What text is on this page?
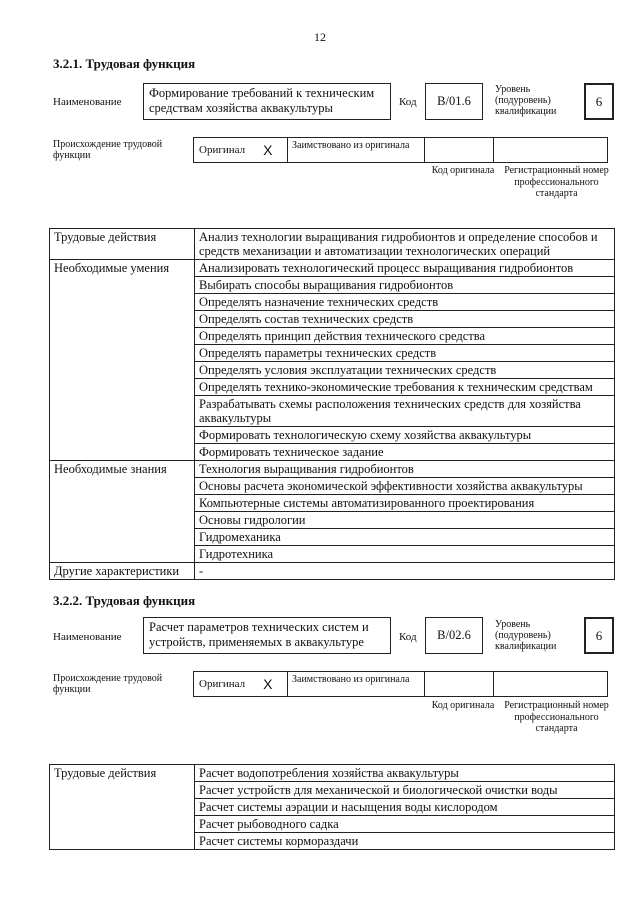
12
3.2.1. Трудовая функция
Наименование
Формирование требований к техническим средствам хозяйства аквакультуры	Код	B/01.6
Уровень (подуровень) квалификации
6
Происхождение трудовой функции	Оригинал X	Заимствовано из оригинала
Код оригинала Регистрационный номер профессионального стандарта
Трудовые действия	Анализ технологии выращивания гидробионтов и определение способов и средств механизации и автоматизации технологических операций
Необходимые умения	Анализировать технологический процесс выращивания гидробионтов
	Выбирать способы выращивания гидробионтов
	Определять назначение технических средств
	Определять состав технических средств
	Определять принцип действия технического средства
	Определять параметры технических средств
	Определять условия эксплуатации технических средств
	Определять технико-экономические требования к техническим средствам
	Разрабатывать схемы расположения технических средств для хозяйства аквакультуры
	Формировать технологическую схему хозяйства аквакультуры
	Формировать техническое задание
Необходимые знания	Технология выращивания гидробионтов
	Основы расчета экономической эффективности хозяйства аквакультуры
	Компьютерные системы автоматизированного проектирования
	Основы гидрологии
	Гидромеханика
	Гидротехника
Другие характеристики	-
3.2.2. Трудовая функция
Наименование
Расчет параметров технических систем и устройств, применяемых в аквакультуре	Код	B/02.6
Уровень (подуровень) квалификации
6
Происхождение трудовой функции	Оригинал X	Заимствовано из оригинала
Код оригинала Регистрационный номер профессионального стандарта
Трудовые действия	Расчет водопотребления хозяйства аквакультуры
Расчет устройств для механической и биологической очистки воды
Расчет системы аэрации и насыщения воды кислородом
Расчет рыбоводного садка
Расчет системы кормораздачи
